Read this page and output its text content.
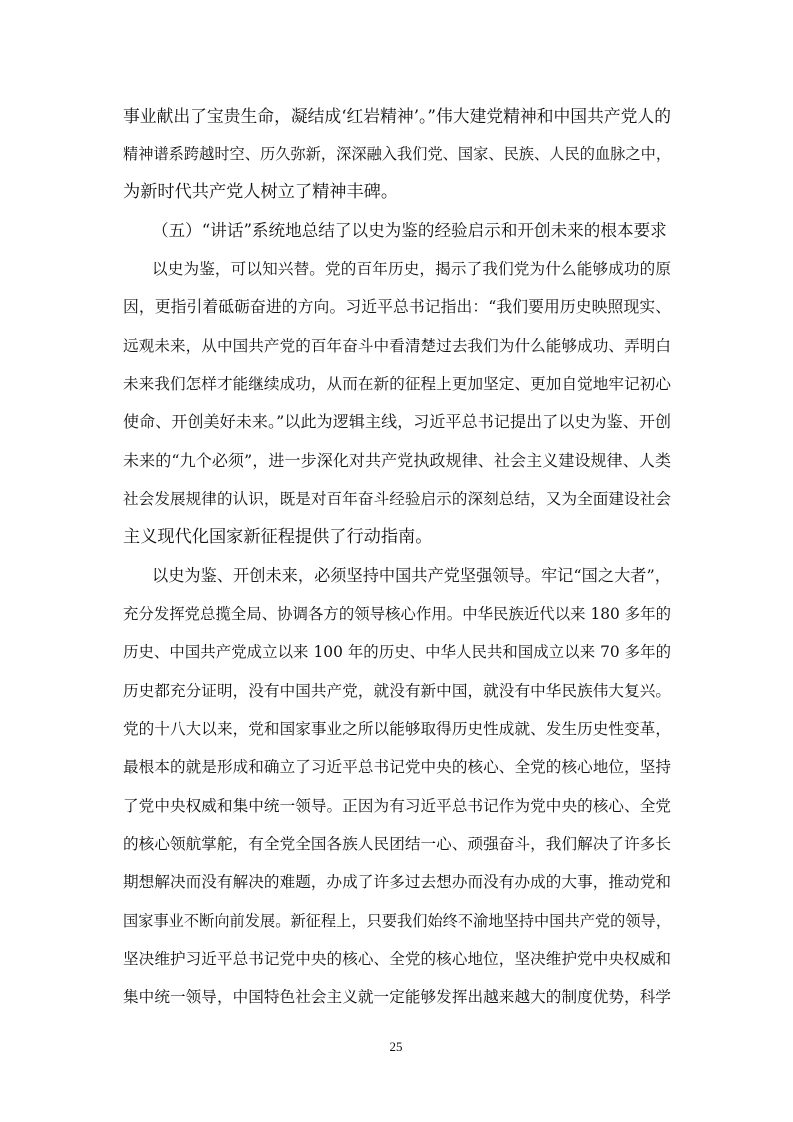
事业献出了宝贵生命，凝结成‘红岩精神’。”伟大建党精神和中国共产党人的
精神谱系跨越时空、历久弥新，深深融入我们党、国家、民族、人民的血脉之中，
为新时代共产党人树立了精神丰碑。
（五）“讲话”系统地总结了以史为鉴的经验启示和开创未来的根本要求
以史为鉴，可以知兴替。党的百年历史，揭示了我们党为什么能够成功的原
因，更指引着砥砺奋进的方向。习近平总书记指出：“我们要用历史映照现实、
远观未来，从中国共产党的百年奋斗中看清楚过去我们为什么能够成功、弄明白
未来我们怎样才能继续成功，从而在新的征程上更加坚定、更加自觉地牢记初心
使命、开创美好未来。”以此为逻辑主线，习近平总书记提出了以史为鉴、开创
未来的“九个必须”，进一步深化对共产党执政规律、社会主义建设规律、人类
社会发展规律的认识，既是对百年奋斗经验启示的深刻总结，又为全面建设社会
主义现代化国家新征程提供了行动指南。
以史为鉴、开创未来，必须坚持中国共产党坚强领导。牢记“国之大者”，
充分发挥党总揽全局、协调各方的领导核心作用。中华民族近代以来 180 多年的
历史、中国共产党成立以来 100 年的历史、中华人民共和国成立以来 70 多年的
历史都充分证明，没有中国共产党，就没有新中国，就没有中华民族伟大复兴。
党的十八大以来，党和国家事业之所以能够取得历史性成就、发生历史性变革，
最根本的就是形成和确立了习近平总书记党中央的核心、全党的核心地位，坚持
了党中央权威和集中统一领导。正因为有习近平总书记作为党中央的核心、全党
的核心领航掌舵，有全党全国各族人民团结一心、顽强奋斗，我们解决了许多长
期想解决而没有解决的难题，办成了许多过去想办而没有办成的大事，推动党和
国家事业不断向前发展。新征程上，只要我们始终不渝地坚持中国共产党的领导，
坚决维护习近平总书记党中央的核心、全党的核心地位，坚决维护党中央权威和
集中统一领导，中国特色社会主义就一定能够发挥出越来越大的制度优势，科学
25
